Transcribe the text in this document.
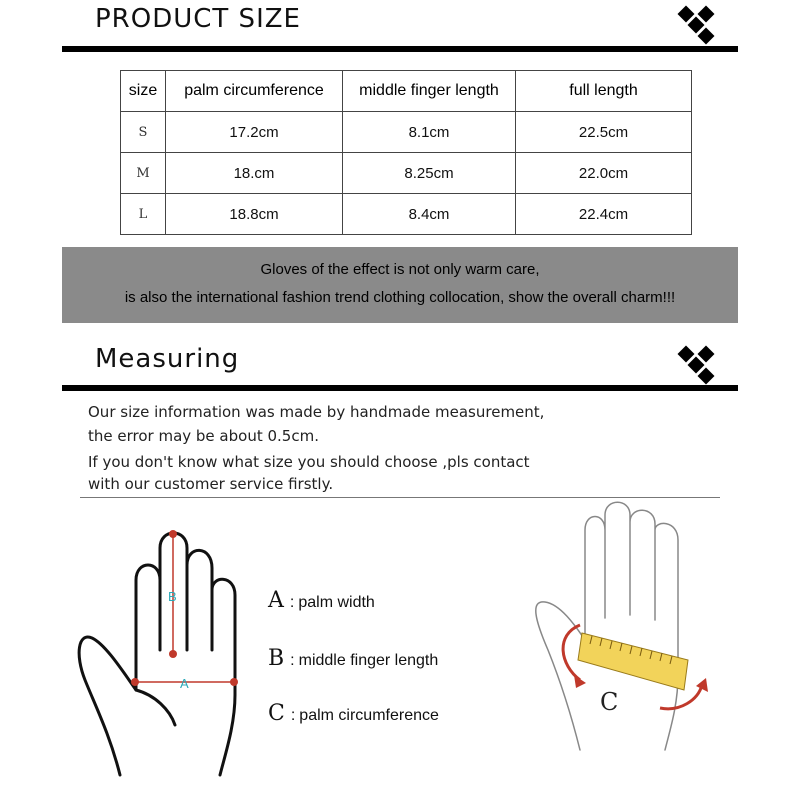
PRODUCT SIZE
size	palm circumference	middle finger length	full length
S	17.2cm	8.1cm	22.5cm
M	18.cm	8.25cm	22.0cm
L	18.8cm	8.4cm	22.4cm
Gloves of the effect is not only warm care,
is also the international fashion trend clothing collocation, show the overall charm!!!
Measuring
Our size information was made by handmade measurement,
the error may be about 0.5cm.
If you don't know what size you should choose ,pls contact
with our customer service firstly.
B
A
A : palm width
B : middle finger length
C : palm circumference	C
